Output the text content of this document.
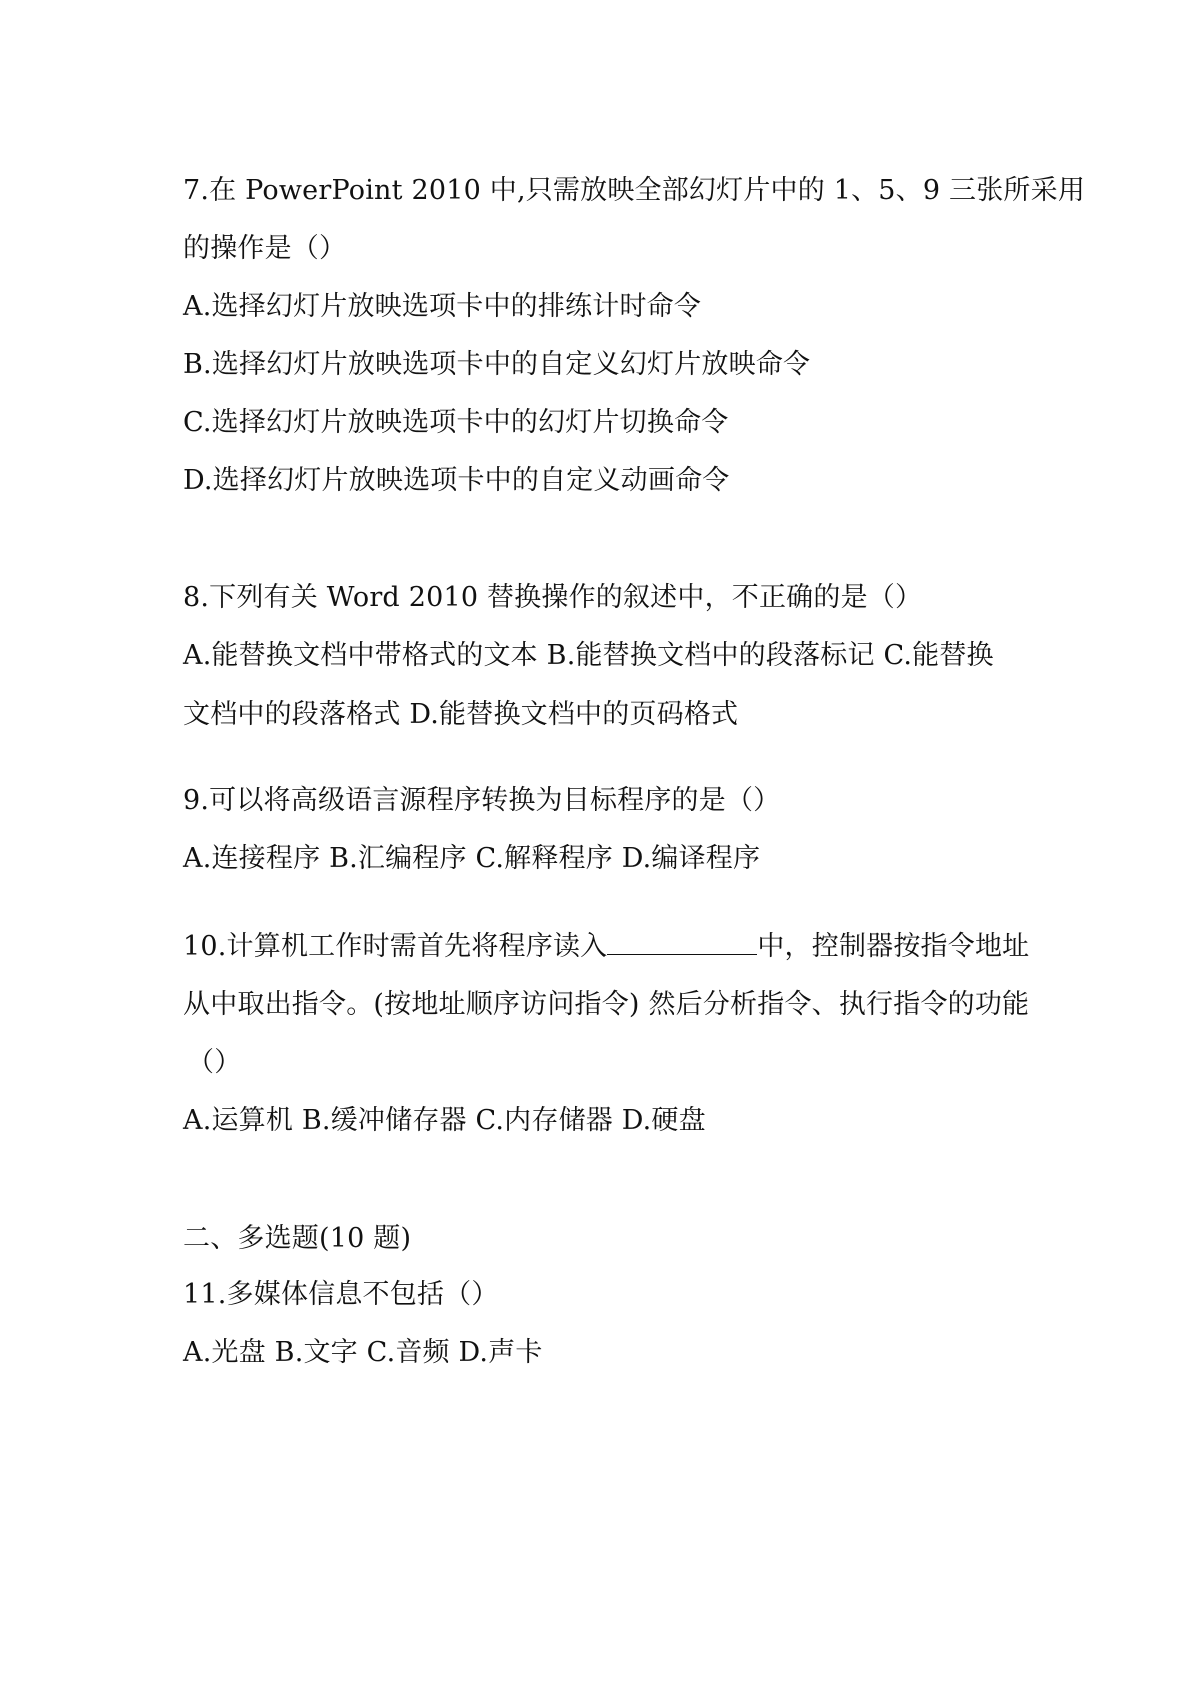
7.在 PowerPoint 2010 中,只需放映全部幻灯片中的 1、5、9 三张所采用
的操作是（）
A.选择幻灯片放映选项卡中的排练计时命令
B.选择幻灯片放映选项卡中的自定义幻灯片放映命令
C.选择幻灯片放映选项卡中的幻灯片切换命令
D.选择幻灯片放映选项卡中的自定义动画命令
8.下列有关 Word 2010 替换操作的叙述中，不正确的是（）
A.能替换文档中带格式的文本 B.能替换文档中的段落标记 C.能替换
文档中的段落格式 D.能替换文档中的页码格式
9.可以将高级语言源程序转换为目标程序的是（）
A.连接程序 B.汇编程序 C.解释程序 D.编译程序
10.计算机工作时需首先将程序读入	中，控制器按指令地址
从中取出指令。(按地址顺序访问指令) 然后分析指令、执行指令的功能
（）
A.运算机 B.缓冲储存器 C.内存储器 D.硬盘
二、多选题(10 题)
11.多媒体信息不包括（）
A.光盘 B.文字 C.音频 D.声卡
